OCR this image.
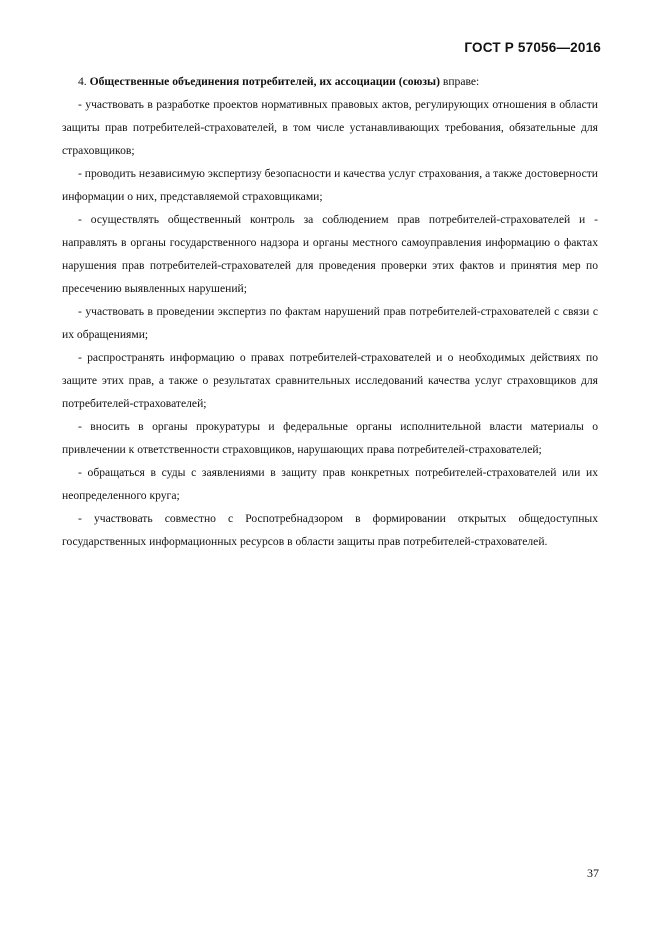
ГОСТ Р 57056—2016

4. Общественные объединения потребителей, их ассоциации (союзы) вправе:

- участвовать в разработке проектов нормативных правовых актов, регулирующих отношения в области защиты прав потребителей-страхователей, в том числе устанавливающих требования, обязательные для страховщиков;

- проводить независимую экспертизу безопасности и качества услуг страхования, а также достоверности информации о них, представляемой страховщиками;

- осуществлять общественный контроль за соблюдением прав потребителей-страхователей и - направлять в органы государственного надзора и органы местного самоуправления информацию о фактах нарушения прав потребителей-страхователей для проведения проверки этих фактов и принятия мер по пресечению выявленных нарушений;

- участвовать в проведении экспертиз по фактам нарушений прав потребителей-страхователей с связи с их обращениями;

- распространять информацию о правах потребителей-страхователей и о необходимых действиях по защите этих прав, а также о результатах сравнительных исследований качества услуг страховщиков для потребителей-страхователей;

- вносить в органы прокуратуры и федеральные органы исполнительной власти материалы о привлечении к ответственности страховщиков, нарушающих права потребителей-страхователей;

- обращаться в суды с заявлениями в защиту прав конкретных потребителей-страхователей или их неопределенного круга;

- участвовать совместно с Роспотребнадзором в формировании открытых общедоступных государственных информационных ресурсов в области защиты прав потребителей-страхователей.

37
